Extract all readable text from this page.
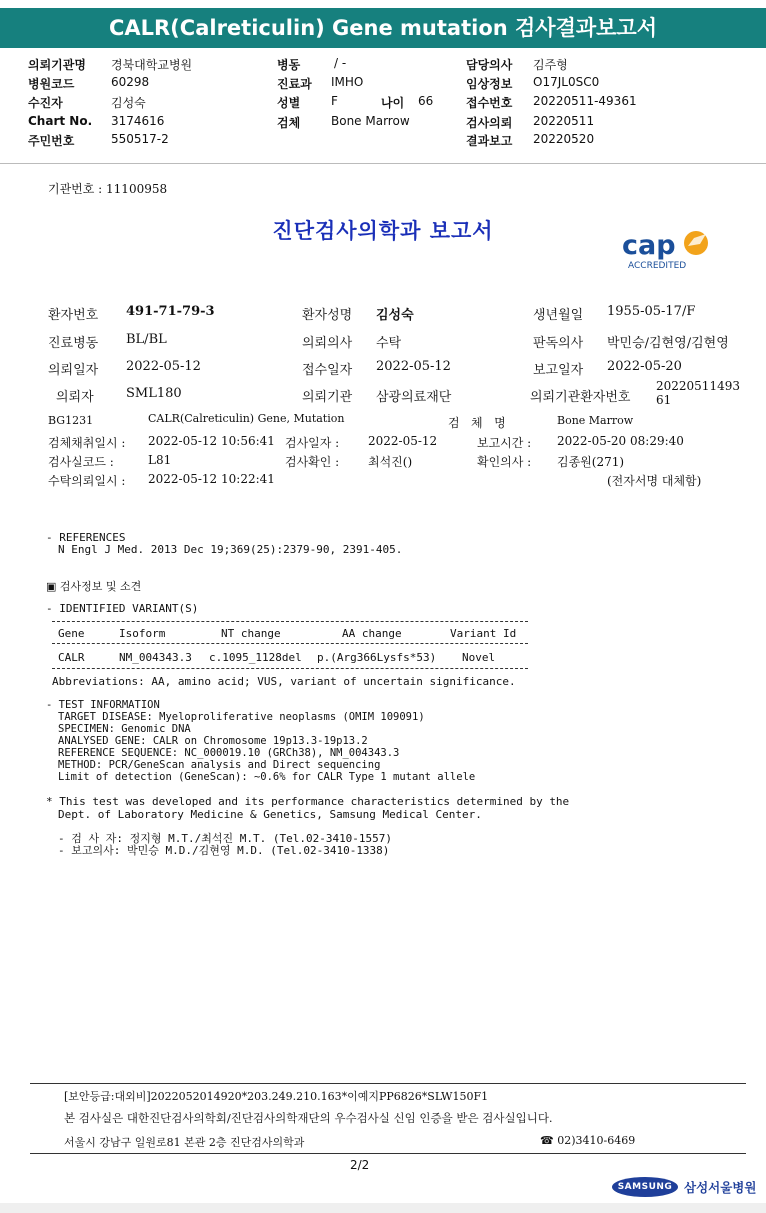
CALR(Calreticulin) Gene mutation 검사결과보고서
의뢰기관명 경북대학교병원
병원코드	60298
수진자	김성숙
Chart No. 3174616
주민번호	550517-2
병동	/ -
진료과 IMHO
성별	F	나이 66
검체	Bone Marrow
담당의사 김주형
임상정보 O17JL0SC0
접수번호 20220511-49361
검사의뢰 20220511
결과보고 20220520
기관번호 : 11100958
진단검사의학과 보고서	cap
ACCREDITED
환자번호 491-71-79-3	환자성명 김성숙	생년월일 1955-05-17/F
진료병동 BL/BL	의뢰의사 수탁	판독의사 박민승/김현영/김현영
의뢰일자 2022-05-12	접수일자 2022-05-12	보고일자 2022-05-20
의뢰자 SML180	의뢰기관 삼광의료재단	의뢰기관환자번호
2022051149361
BG1231	CALR(Calreticulin) Gene, Mutation	검   체   명	Bone Marrow
검체채취일시 : 2022-05-12 10:56:41 검사일자 : 2022-05-12	보고시간 : 2022-05-20 08:29:40
검사실코드 :	L81	검사확인 : 최석진()	확인의사 : 김종원(271)
수탁의뢰일시 : 2022-05-12 10:22:41	(전자서명 대체함)
- REFERENCES
N Engl J Med. 2013 Dec 19;369(25):2379-90, 2391-405.
▣ 검사정보 및 소견
- IDENTIFIED VARIANT(S)
Gene	Isoform	NT change	AA change	Variant Id
CALR	NM_004343.3 c.1095_1128del p.(Arg366Lysfs*53) Novel
Abbreviations: AA, amino acid; VUS, variant of uncertain significance.
- TEST INFORMATION
TARGET DISEASE: Myeloproliferative neoplasms (OMIM 109091)
SPECIMEN: Genomic DNA
ANALYSED GENE: CALR on Chromosome 19p13.3-19p13.2
REFERENCE SEQUENCE: NC_000019.10 (GRCh38), NM_004343.3
METHOD: PCR/GeneScan analysis and Direct sequencing
Limit of detection (GeneScan): ~0.6% for CALR Type 1 mutant allele
* This test was developed and its performance characteristics determined by the
Dept. of Laboratory Medicine & Genetics, Samsung Medical Center.
- 검 사 자: 정지형 M.T./최석진 M.T. (Tel.02-3410-1557)
- 보고의사: 박민승 M.D./김현영 M.D. (Tel.02-3410-1338)
[보안등급:대외비]2022052014920*203.249.210.163*이예지PP6826*SLW150F1
본 검사실은 대한진단검사의학회/진단검사의학재단의 우수검사실 신임 인증을 받은 검사실입니다.
서울시 강남구 일원로81 본관 2층 진단검사의학과	☎ 02)3410-6469
2/2
SAMSUNG 삼성서울병원
